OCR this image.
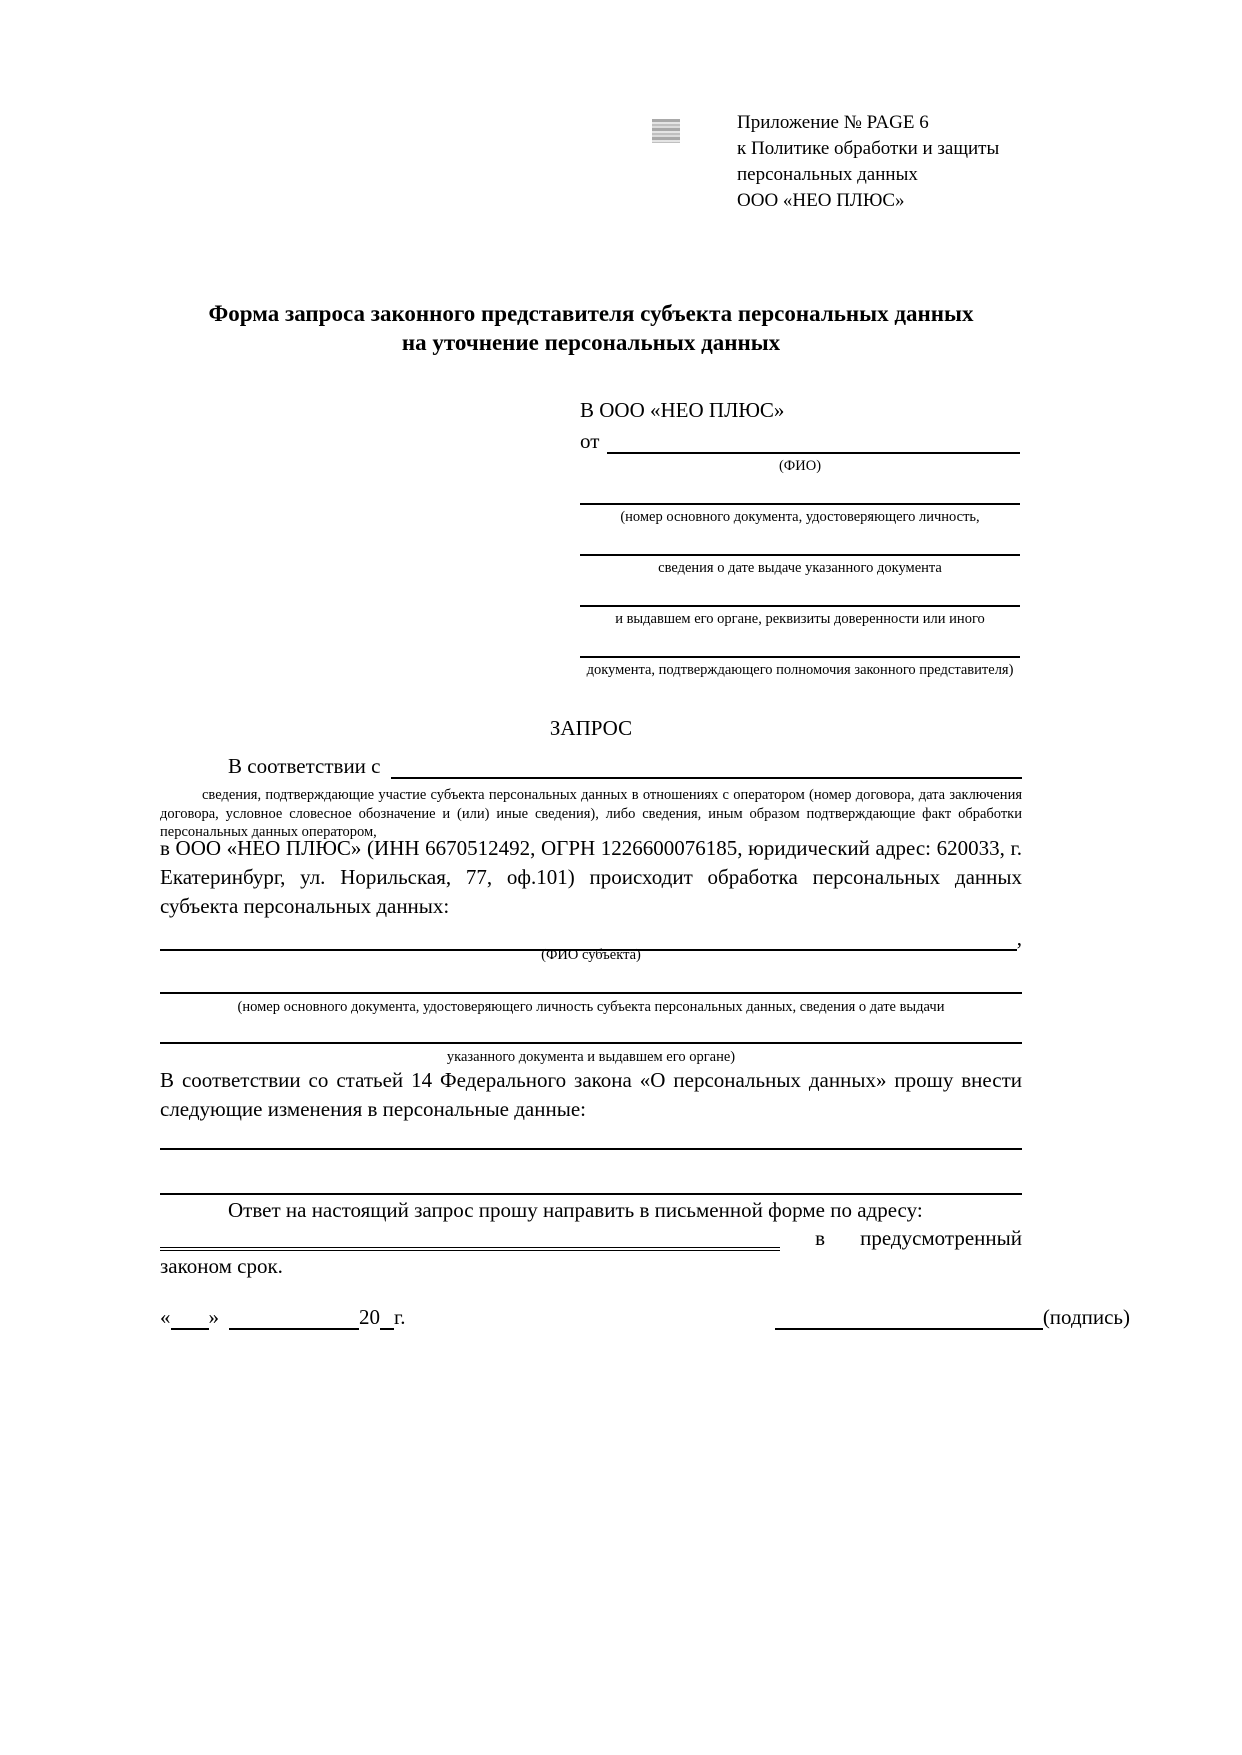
Приложение № PAGE 6
к Политике обработки и защиты
персональных данных
ООО «НЕО ПЛЮС»
Форма запроса законного представителя субъекта персональных данных
на уточнение персональных данных
В ООО «НЕО ПЛЮС»
от
(ФИО)
(номер основного документа, удостоверяющего личность,
сведения о дате выдаче указанного документа
и выдавшем его органе, реквизиты доверенности или иного
документа, подтверждающего полномочия законного представителя)
ЗАПРОС
В соответствии с
сведения, подтверждающие участие субъекта персональных данных в отношениях с оператором (номер договора, дата заключения договора, условное словесное обозначение и (или) иные сведения), либо сведения, иным образом подтверждающие факт обработки персональных данных оператором,
в ООО «НЕО ПЛЮС» (ИНН 6670512492, ОГРН 1226600076185, юридический адрес: 620033, г. Екатеринбург, ул. Норильская, 77, оф.101) происходит обработка персональных данных субъекта персональных данных:
,
(ФИО субъекта)
(номер основного документа, удостоверяющего личность субъекта персональных данных, сведения о дате выдачи
указанного документа и выдавшем его органе)
В соответствии со статьей 14 Федерального закона «О персональных данных» прошу внести следующие изменения в персональные данные:
Ответ на настоящий запрос прошу направить в письменной форме по адресу:
в предусмотренный
законом срок.
« »	20 г.	(подпись)
